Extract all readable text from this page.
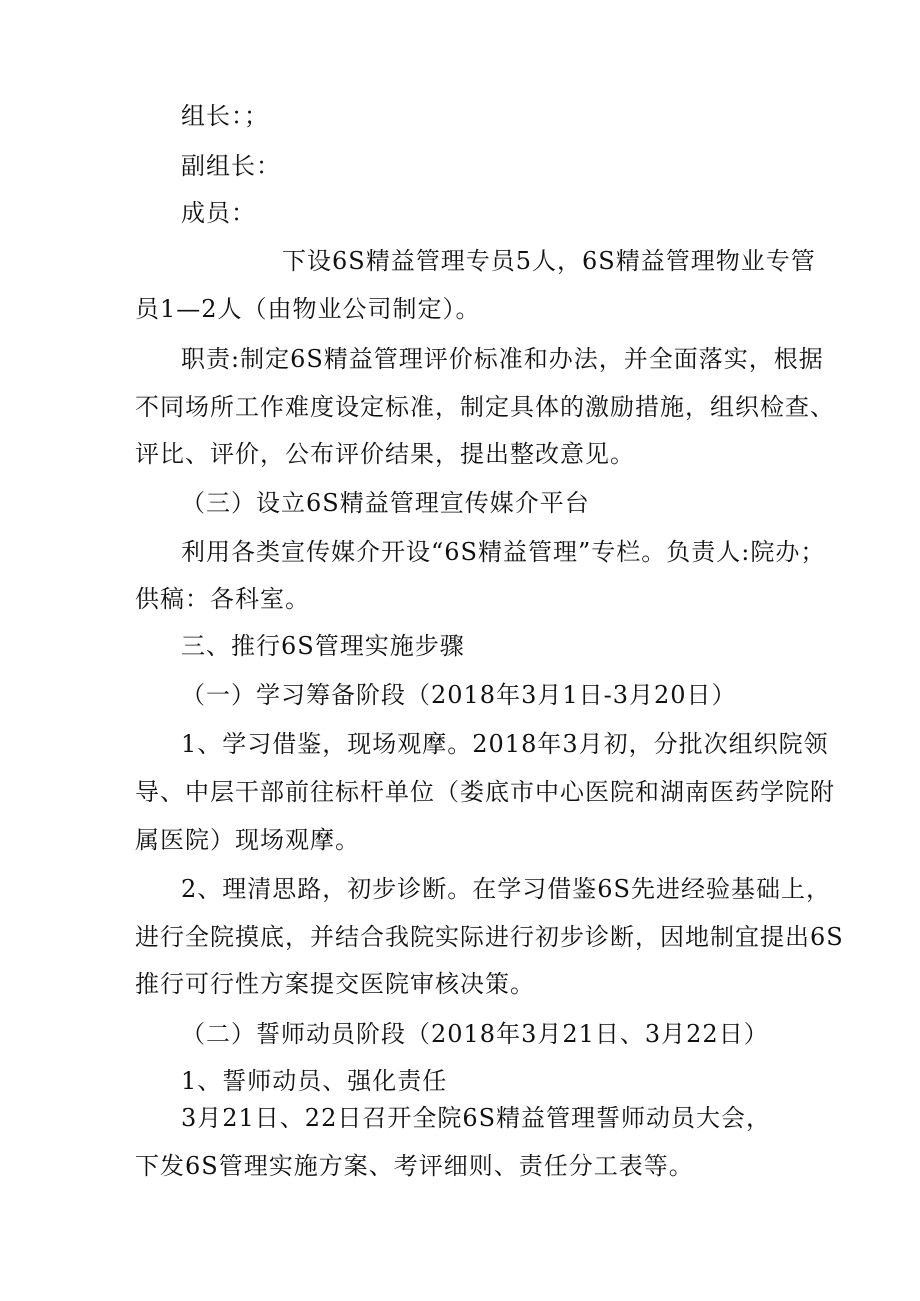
组长：；

副组长：

成员：

下设6S精益管理专员5人，6S精益管理物业专管

员1—2人（由物业公司制定）。

职责:制定6S精益管理评价标准和办法，并全面落实，根据

不同场所工作难度设定标准，制定具体的激励措施，组织检查、

评比、评价，公布评价结果，提出整改意见。

（三）设立6S精益管理宣传媒介平台

利用各类宣传媒介开设“6S精益管理”专栏。负责人:院办；

供稿：各科室。

三、推行6S管理实施步骤

（一）学习筹备阶段（2018年3月1日-3月20日）

1、学习借鉴，现场观摩。2018年3月初，分批次组织院领

导、中层干部前往标杆单位（娄底市中心医院和湖南医药学院附

属医院）现场观摩。

2、理清思路，初步诊断。在学习借鉴6S先进经验基础上，

进行全院摸底，并结合我院实际进行初步诊断，因地制宜提出6S

推行可行性方案提交医院审核决策。

（二）誓师动员阶段（2018年3月21日、3月22日）

1、誓师动员、强化责任

3月21日、22日召开全院6S精益管理誓师动员大会，

下发6S管理实施方案、考评细则、责任分工表等。
